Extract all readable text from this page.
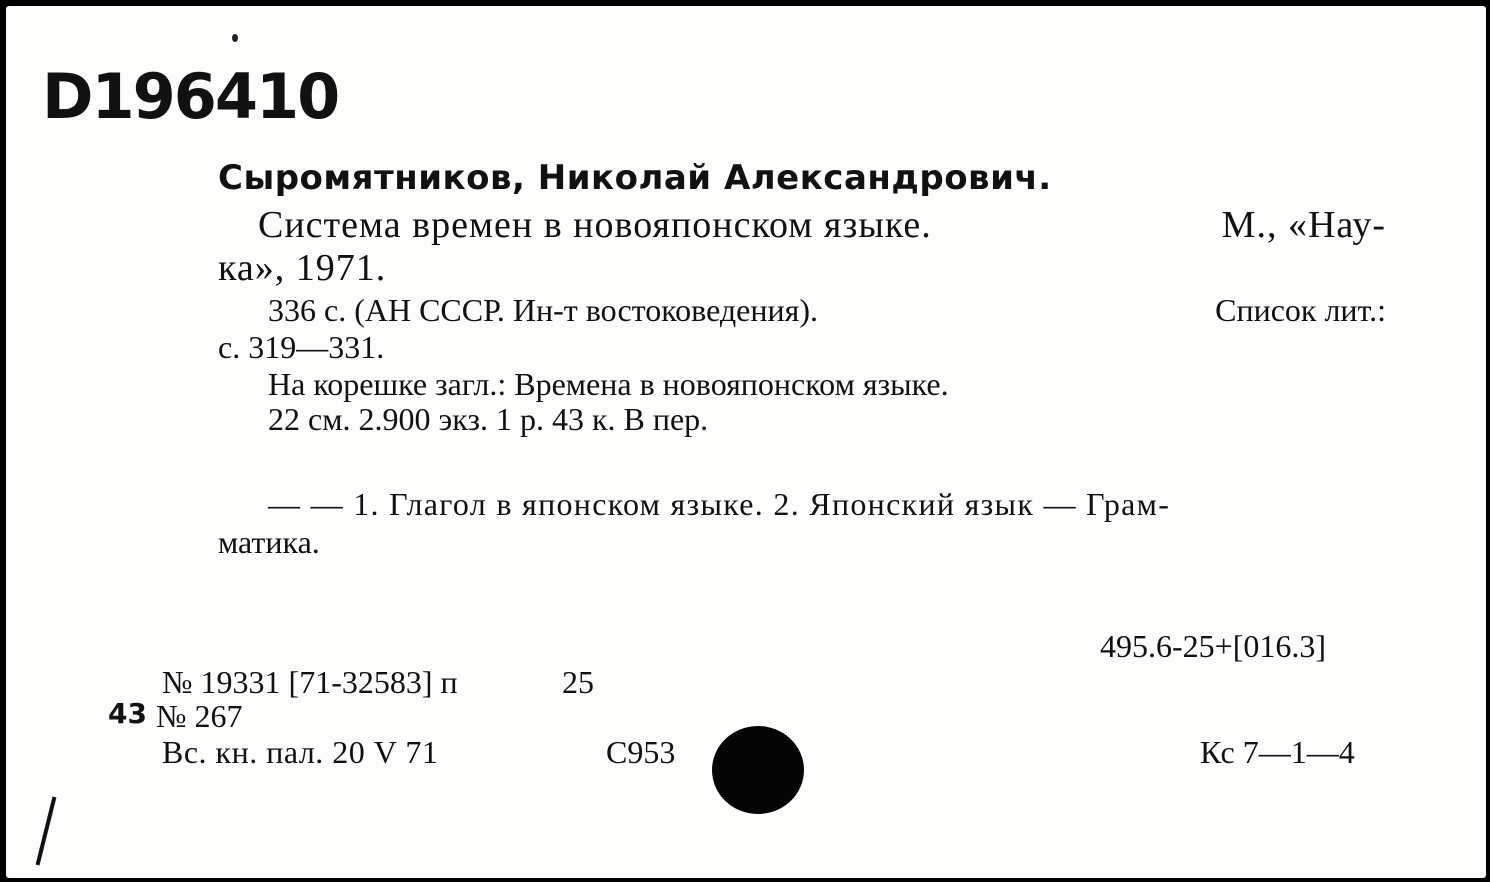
D196410
Сыромятников, Николай Александрович.
Система времен в новояпонском языке.	М., «Нау-
ка», 1971.
336 с. (АН СССР. Ин-т востоковедения).	Список лит.:
с. 319—331.
На корешке загл.: Времена в новояпонском языке.
22 см. 2.900 экз. 1 р. 43 к. В пер.
— — 1. Глагол в японском языке. 2. Японский язык — Грам-
матика.
495.6-25+[016.3]
№ 19331 [71-32583] п	25
43 № 267
Вс. кн. пал. 20 V 71	С953	Кс 7—1—4
